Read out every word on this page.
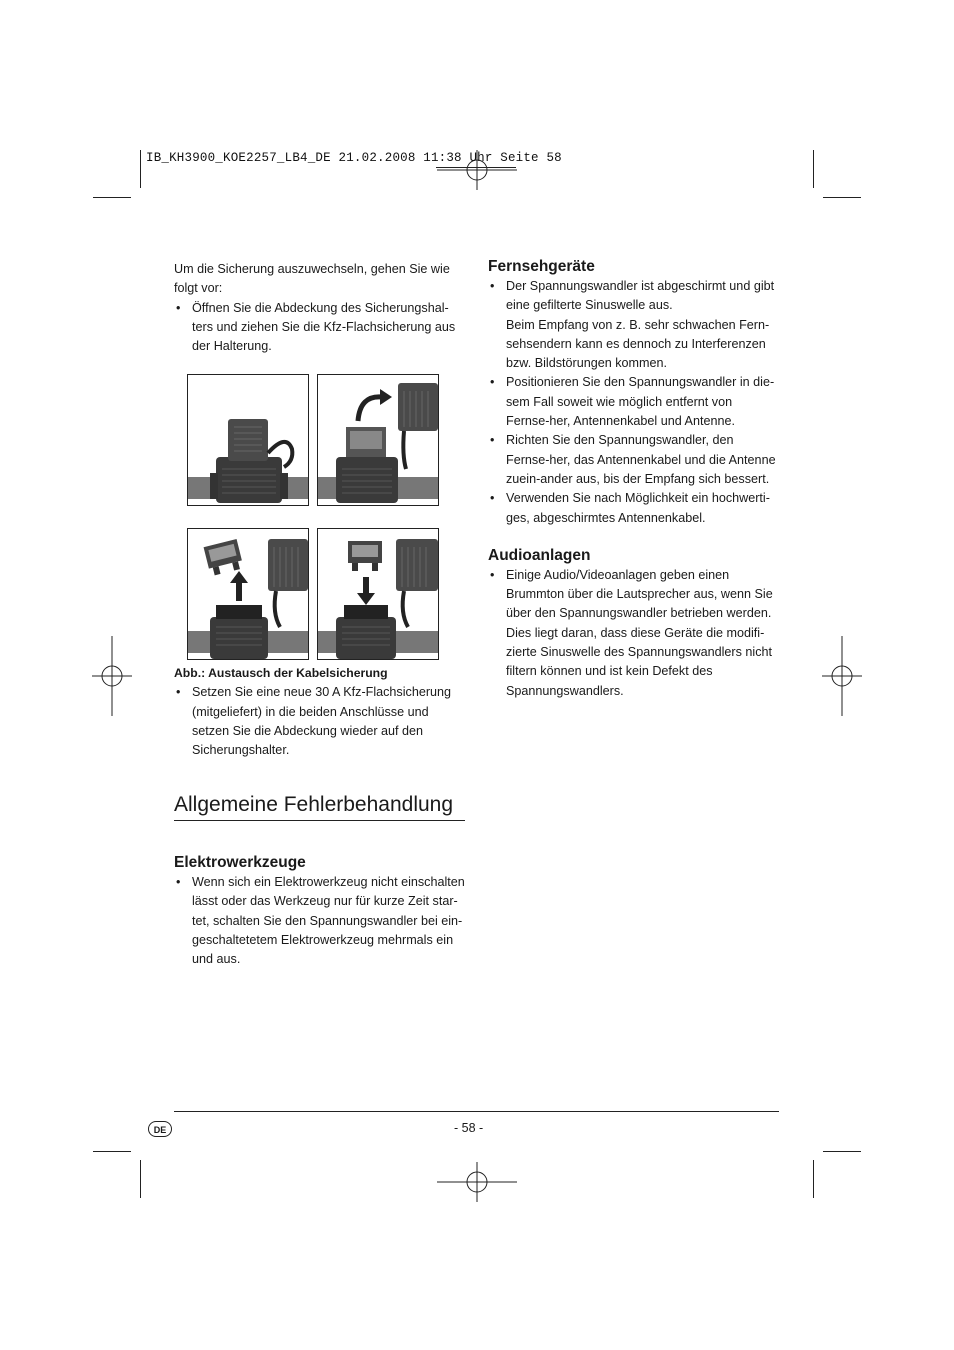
IB_KH3900_KOE2257_LB4_DE 21.02.2008 11:38 Uhr Seite 58

Um die Sicherung auszuwechseln, gehen Sie wie folgt vor:

• Öffnen Sie die Abdeckung des Sicherungshal-ters und ziehen Sie die Kfz-Flachsicherung aus der Halterung.

Abb.: Austausch der Kabelsicherung

• Setzen Sie eine neue 30 A Kfz-Flachsicherung (mitgeliefert) in die beiden Anschlüsse und setzen Sie die Abdeckung wieder auf den Sicherungshalter.
Allgemeine Fehlerbehandlung

Elektrowerkzeuge

• Wenn sich ein Elektrowerkzeug nicht einschalten lässt oder das Werkzeug nur für kurze Zeit star-tet, schalten Sie den Spannungswandler bei ein-geschaltetetem Elektrowerkzeug mehrmals ein und aus.

Fernsehgeräte

• Der Spannungswandler ist abgeschirmt und gibt eine gefilterte Sinuswelle aus.
Beim Empfang von z. B. sehr schwachen Fern-sehsendern kann es dennoch zu Interferenzen bzw. Bildstörungen kommen.
• Positionieren Sie den Spannungswandler in die-sem Fall soweit wie möglich entfernt von Fernse-her, Antennenkabel und Antenne.
• Richten Sie den Spannungswandler, den Fernse-her, das Antennenkabel und die Antenne zuein-ander aus, bis der Empfang sich bessert.
• Verwenden Sie nach Möglichkeit ein hochwerti-ges, abgeschirmtes Antennenkabel.

Audioanlagen

• Einige Audio/Videoanlagen geben einen Brummton über die Lautsprecher aus, wenn Sie über den Spannungswandler betrieben werden. Dies liegt daran, dass diese Geräte die modifi-zierte Sinuswelle des Spannungswandlers nicht filtern können und ist kein Defekt des Spannungswandlers.
DE	- 58 -
